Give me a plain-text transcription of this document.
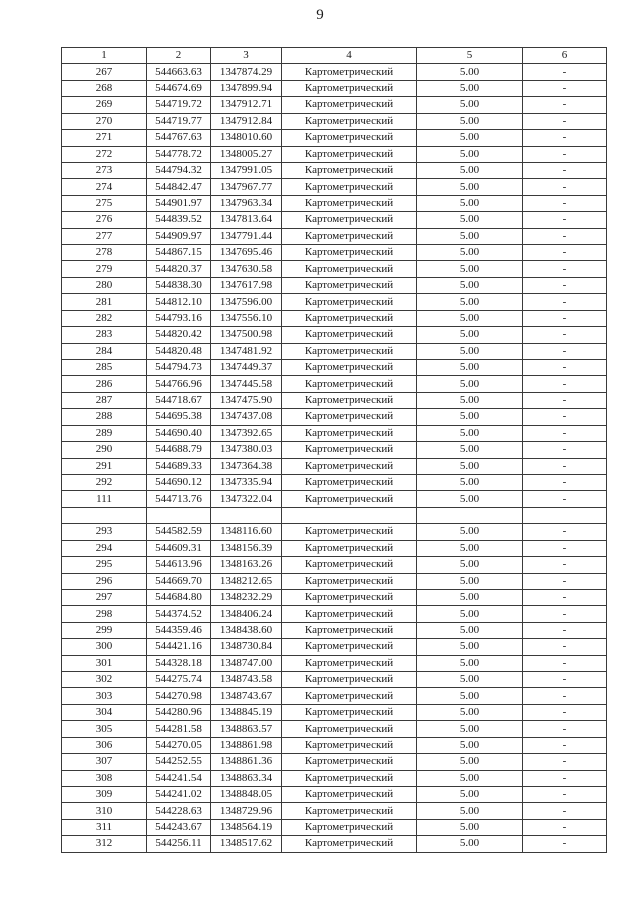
9
1	2	3	4	5	6
267	544663.63	1347874.29	Картометрический	5.00	-
268	544674.69	1347899.94	Картометрический	5.00	-
269	544719.72	1347912.71	Картометрический	5.00	-
270	544719.77	1347912.84	Картометрический	5.00	-
271	544767.63	1348010.60	Картометрический	5.00	-
272	544778.72	1348005.27	Картометрический	5.00	-
273	544794.32	1347991.05	Картометрический	5.00	-
274	544842.47	1347967.77	Картометрический	5.00	-
275	544901.97	1347963.34	Картометрический	5.00	-
276	544839.52	1347813.64	Картометрический	5.00	-
277	544909.97	1347791.44	Картометрический	5.00	-
278	544867.15	1347695.46	Картометрический	5.00	-
279	544820.37	1347630.58	Картометрический	5.00	-
280	544838.30	1347617.98	Картометрический	5.00	-
281	544812.10	1347596.00	Картометрический	5.00	-
282	544793.16	1347556.10	Картометрический	5.00	-
283	544820.42	1347500.98	Картометрический	5.00	-
284	544820.48	1347481.92	Картометрический	5.00	-
285	544794.73	1347449.37	Картометрический	5.00	-
286	544766.96	1347445.58	Картометрический	5.00	-
287	544718.67	1347475.90	Картометрический	5.00	-
288	544695.38	1347437.08	Картометрический	5.00	-
289	544690.40	1347392.65	Картометрический	5.00	-
290	544688.79	1347380.03	Картометрический	5.00	-
291	544689.33	1347364.38	Картометрический	5.00	-
292	544690.12	1347335.94	Картометрический	5.00	-
111	544713.76	1347322.04	Картометрический	5.00	-

293	544582.59	1348116.60	Картометрический	5.00	-
294	544609.31	1348156.39	Картометрический	5.00	-
295	544613.96	1348163.26	Картометрический	5.00	-
296	544669.70	1348212.65	Картометрический	5.00	-
297	544684.80	1348232.29	Картометрический	5.00	-
298	544374.52	1348406.24	Картометрический	5.00	-
299	544359.46	1348438.60	Картометрический	5.00	-
300	544421.16	1348730.84	Картометрический	5.00	-
301	544328.18	1348747.00	Картометрический	5.00	-
302	544275.74	1348743.58	Картометрический	5.00	-
303	544270.98	1348743.67	Картометрический	5.00	-
304	544280.96	1348845.19	Картометрический	5.00	-
305	544281.58	1348863.57	Картометрический	5.00	-
306	544270.05	1348861.98	Картометрический	5.00	-
307	544252.55	1348861.36	Картометрический	5.00	-
308	544241.54	1348863.34	Картометрический	5.00	-
309	544241.02	1348848.05	Картометрический	5.00	-
310	544228.63	1348729.96	Картометрический	5.00	-
311	544243.67	1348564.19	Картометрический	5.00	-
312	544256.11	1348517.62	Картометрический	5.00	-
